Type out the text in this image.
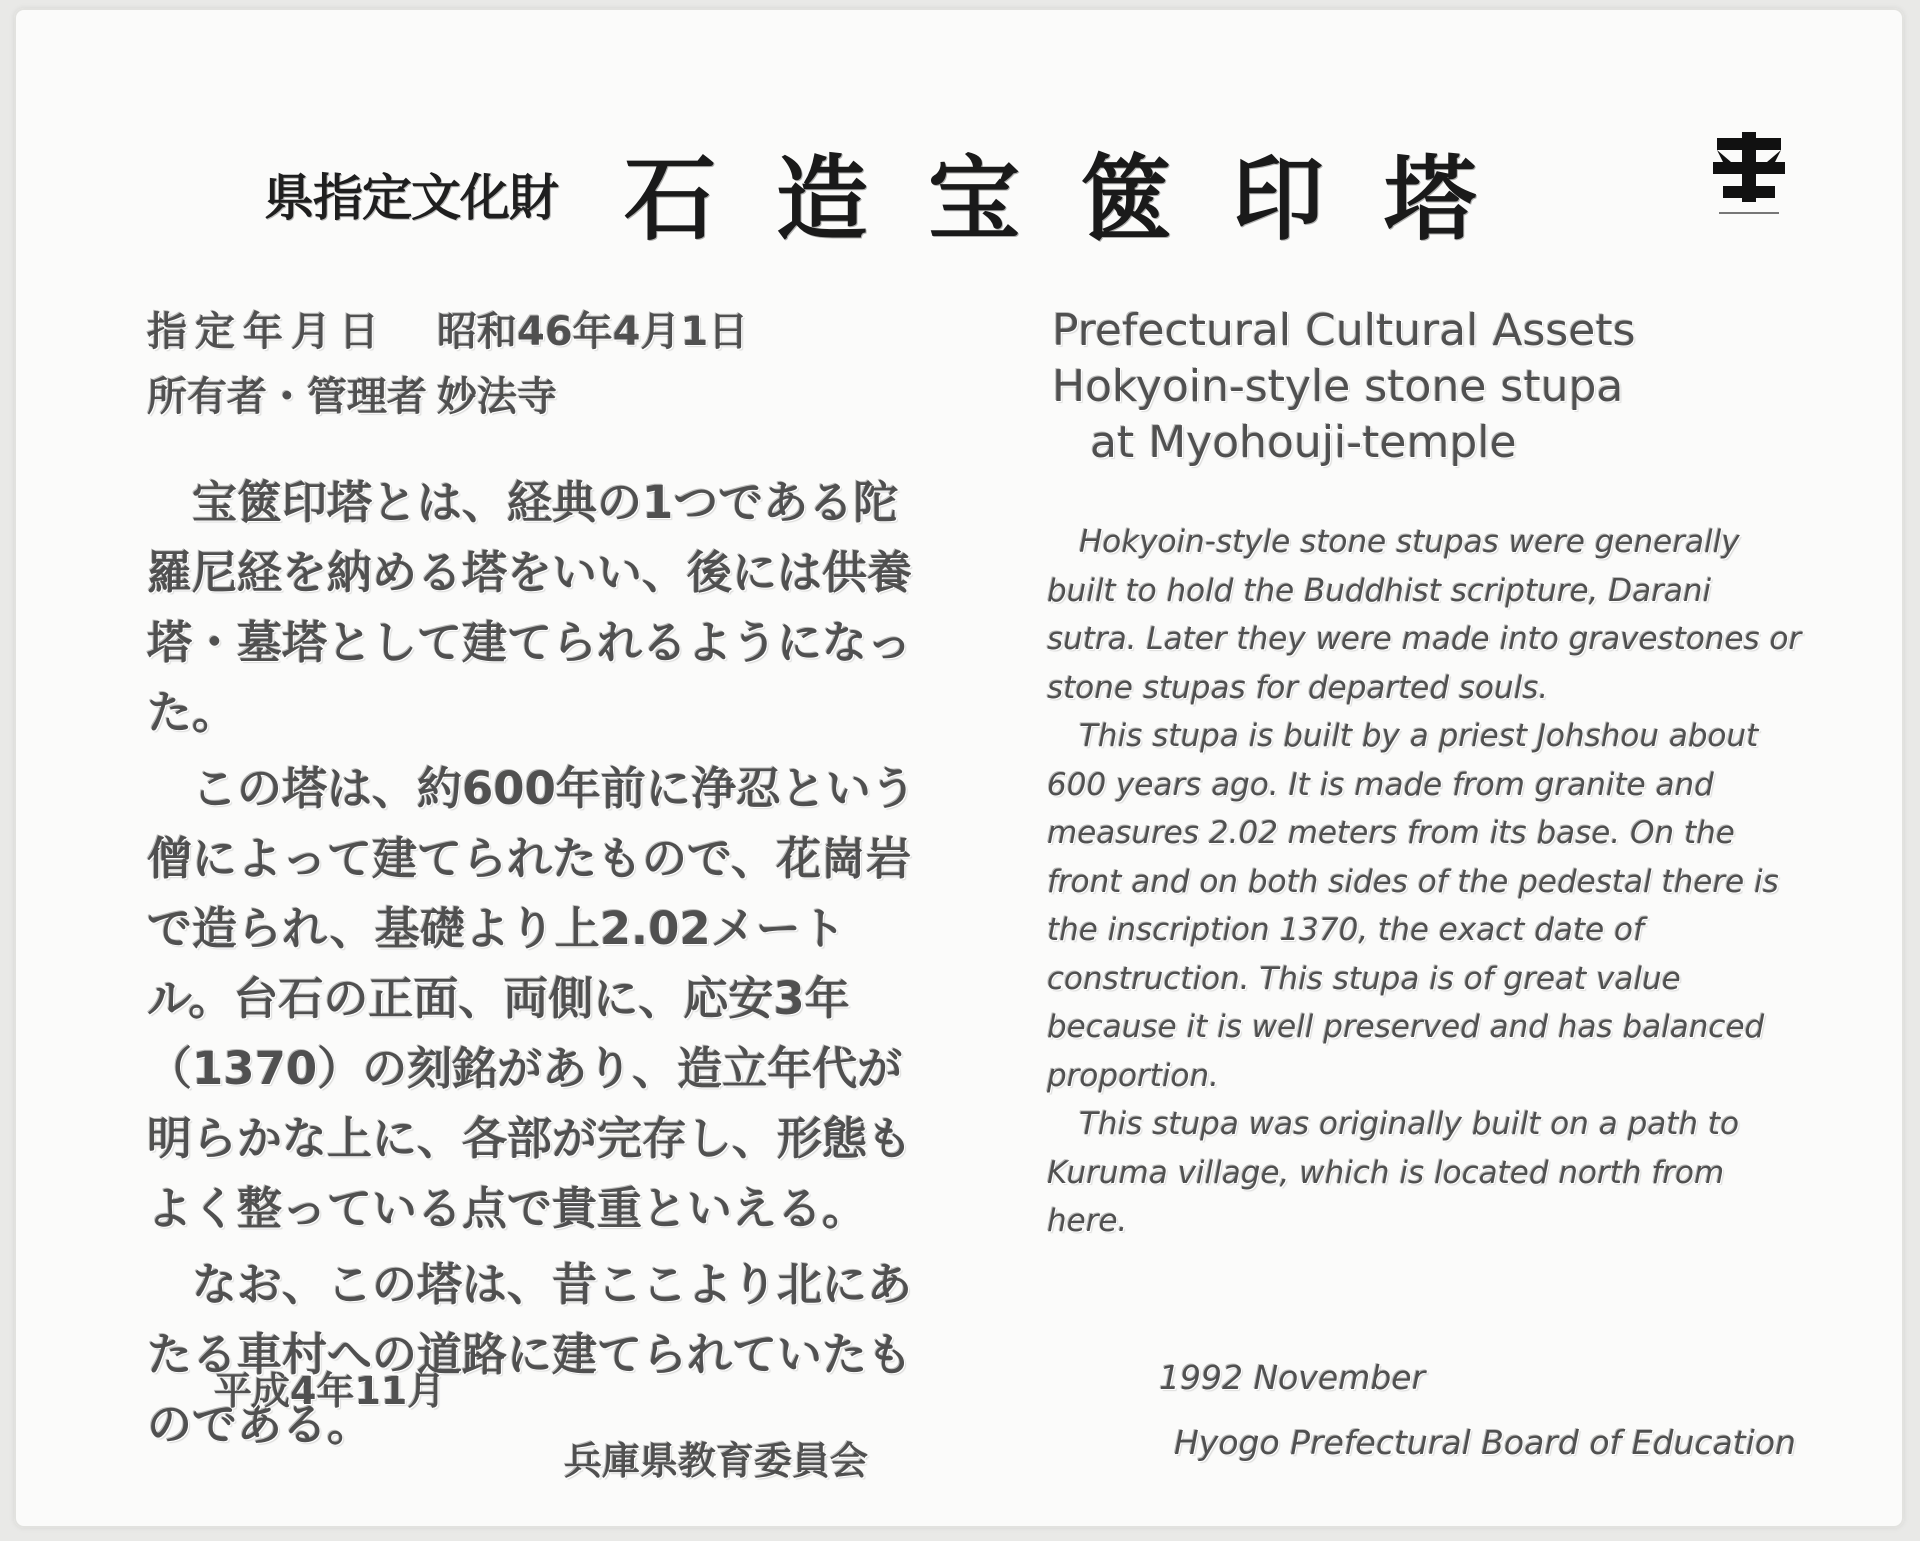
県指定文化財 石造宝篋印塔
指定年月日 昭和46年4月1日
所有者・管理者 妙法寺

宝篋印塔とは、経典の1つである陀羅尼経を納める塔をいい、後には供養塔・墓塔として建てられるようになった。

この塔は、約600年前に浄忍という僧によって建てられたもので、花崗岩で造られ、基礎より上2.02メートル。台石の正面、両側に、応安3年（1370）の刻銘があり、造立年代が明らかな上に、各部が完存し、形態もよく整っている点で貴重といえる。

なお、この塔は、昔ここより北にあたる車村への道路に建てられていたものである。

Prefectural Cultural Assets
Hokyoin-style stone stupa
at Myohouji-temple

Hokyoin-style stone stupas were generally built to hold the Buddhist scripture, Darani sutra. Later they were made into gravestones or stone stupas for departed souls.

This stupa is built by a priest Johshou about 600 years ago. It is made from granite and measures 2.02 meters from its base. On the front and on both sides of the pedestal there is the inscription 1370, the exact date of construction. This stupa is of great value because it is well preserved and has balanced proportion.

This stupa was originally built on a path to Kuruma village, which is located north from here.

平成4年11月
兵庫県教育委員会
1992 November
Hyogo Prefectural Board of Education
